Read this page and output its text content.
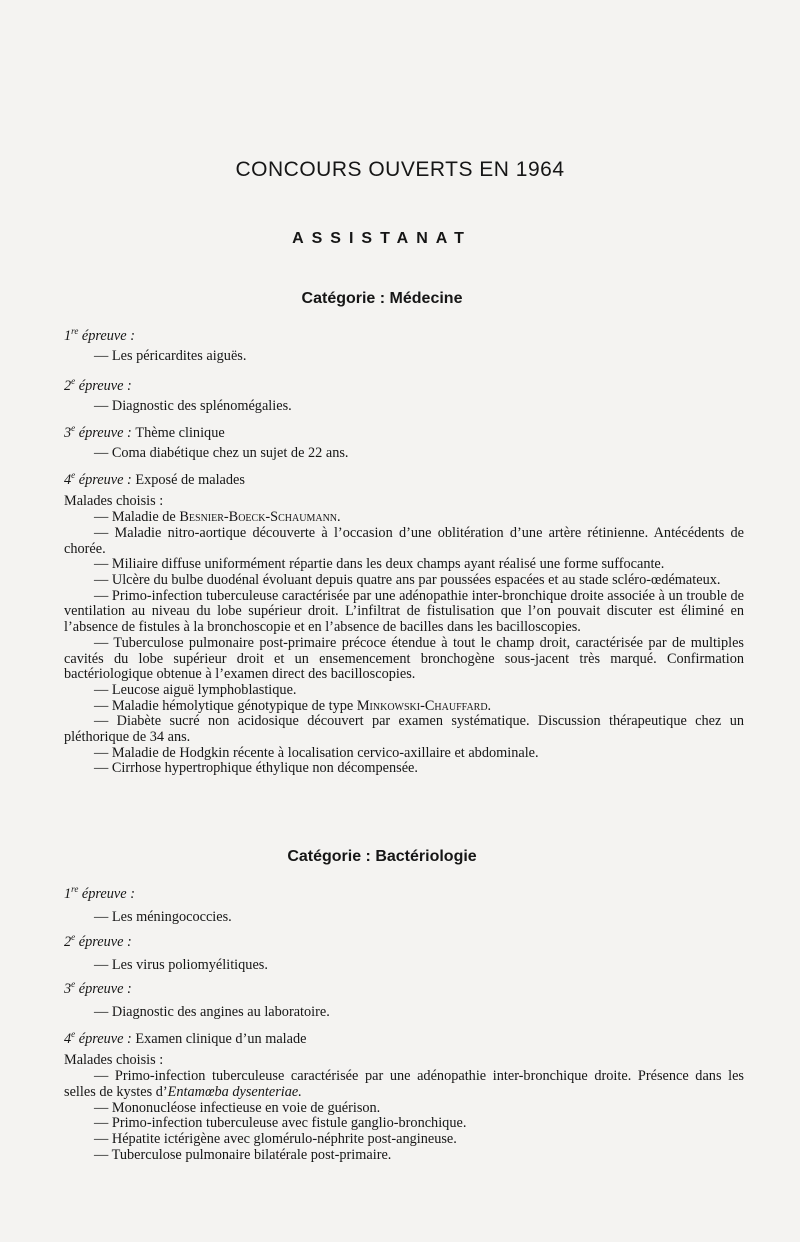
CONCOURS OUVERTS EN 1964
ASSISTANAT
Catégorie : Médecine
1re épreuve :
— Les péricardites aiguës.
2e épreuve :
— Diagnostic des splénomégalies.
3e épreuve : Thème clinique
— Coma diabétique chez un sujet de 22 ans.
4e épreuve : Exposé de malades
Malades choisis :
— Maladie de Besnier-Boeck-Schaumann.
— Maladie nitro-aortique découverte à l’occasion d’une oblitération d’une artère rétinienne. Antécédents de chorée.
— Miliaire diffuse uniformément répartie dans les deux champs ayant réalisé une forme suffocante.
— Ulcère du bulbe duodénal évoluant depuis quatre ans par poussées espacées et au stade scléro-œdémateux.
— Primo-infection tuberculeuse caractérisée par une adénopathie inter-bronchique droite associée à un trouble de ventilation au niveau du lobe supérieur droit. L’infiltrat de fistulisation que l’on pouvait discuter est éliminé en l’absence de fistules à la bronchoscopie et en l’absence de bacilles dans les bacilloscopies.
— Tuberculose pulmonaire post-primaire précoce étendue à tout le champ droit, caractérisée par de multiples cavités du lobe supérieur droit et un ensemencement bronchogène sous-jacent très marqué. Confirmation bactériologique obtenue à l’examen direct des bacilloscopies.
— Leucose aiguë lymphoblastique.
— Maladie hémolytique génotypique de type Minkowski-Chauffard.
— Diabète sucré non acidosique découvert par examen systématique. Discussion thérapeutique chez un pléthorique de 34 ans.
— Maladie de Hodgkin récente à localisation cervico-axillaire et abdominale.
— Cirrhose hypertrophique éthylique non décompensée.
Catégorie : Bactériologie
1re épreuve :
— Les méningococcies.
2e épreuve :
— Les virus poliomyélitiques.
3e épreuve :
— Diagnostic des angines au laboratoire.
4e épreuve : Examen clinique d’un malade
Malades choisis :
— Primo-infection tuberculeuse caractérisée par une adénopathie inter-bronchique droite. Présence dans les selles de kystes d’Entamœba dysenteriae.
— Mononucléose infectieuse en voie de guérison.
— Primo-infection tuberculeuse avec fistule ganglio-bronchique.
— Hépatite ictérigène avec glomérulo-néphrite post-angineuse.
— Tuberculose pulmonaire bilatérale post-primaire.
